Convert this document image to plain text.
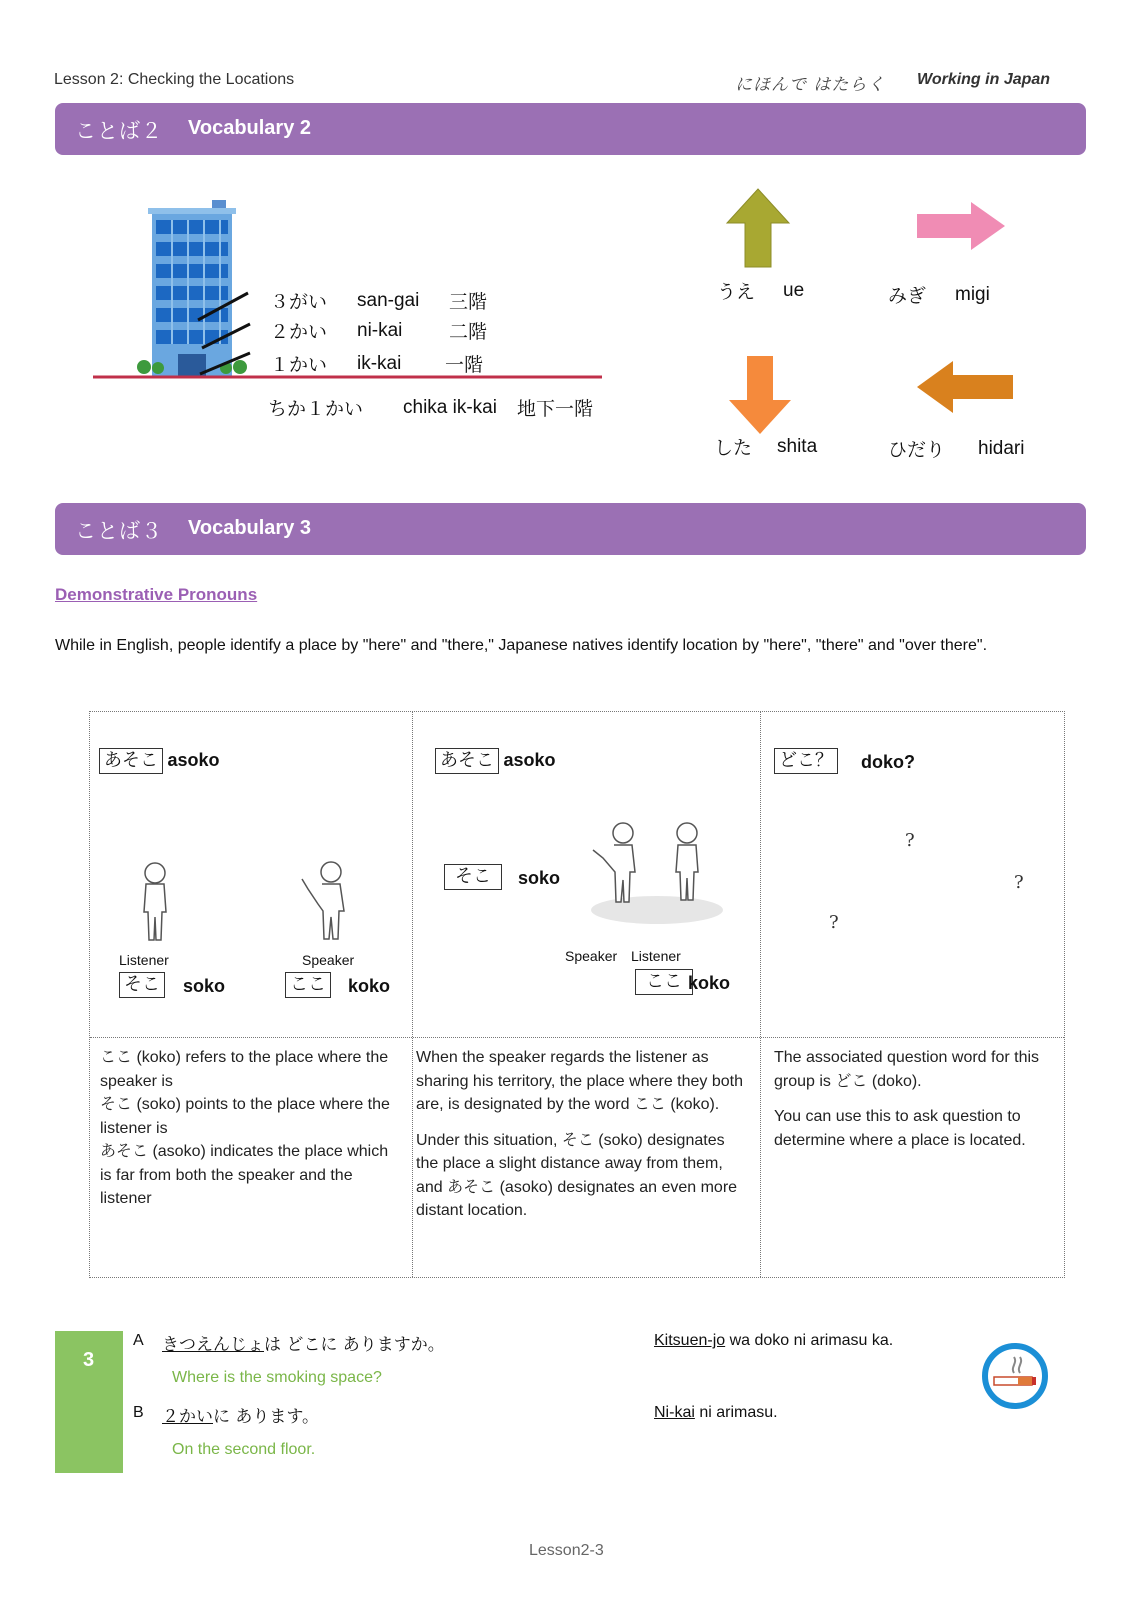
Lesson 2: Checking the Locations	にほんで はたらく Working in Japan
ことば２ Vocabulary 2
３がい san-gai 三階
２かい ni-kai 二階
１かい ik-kai 一階
ちか１かい chika ik-kai 地下一階
うえ ue	みぎ migi
した shita	ひだり hidari
ことば３ Vocabulary 3
Demonstrative Pronouns
While in English, people identify a place by "here" and "there," Japanese natives identify location by "here", "there" and "over there".
あそこ asoko
Listener	Speaker
そこ soko	ここ koko
ここ (koko) refers to the place where the speaker is
そこ (soko) points to the place where the listener is
あそこ (asoko) indicates the place which is far from both the speaker and the listener
あそこ asoko
そこ	soko
Speaker Listener
ここ koko
When the speaker regards the listener as sharing his territory, the place where they both are, is designated by the word ここ (koko).
Under this situation, そこ (soko) designates the place a slight distance away from them, and あそこ (asoko) designates an even more distant location.
どこ？ doko?
?
?
?
The associated question word for this group is どこ (doko).
You can use this to ask question to determine where a place is located.
3
A きつえんじょは どこに ありますか。
Where is the smoking space?
Kitsuen-jo wa doko ni arimasu ka.
B ２かいに あります。
On the second floor.
Ni-kai ni arimasu.
Lesson2-3
